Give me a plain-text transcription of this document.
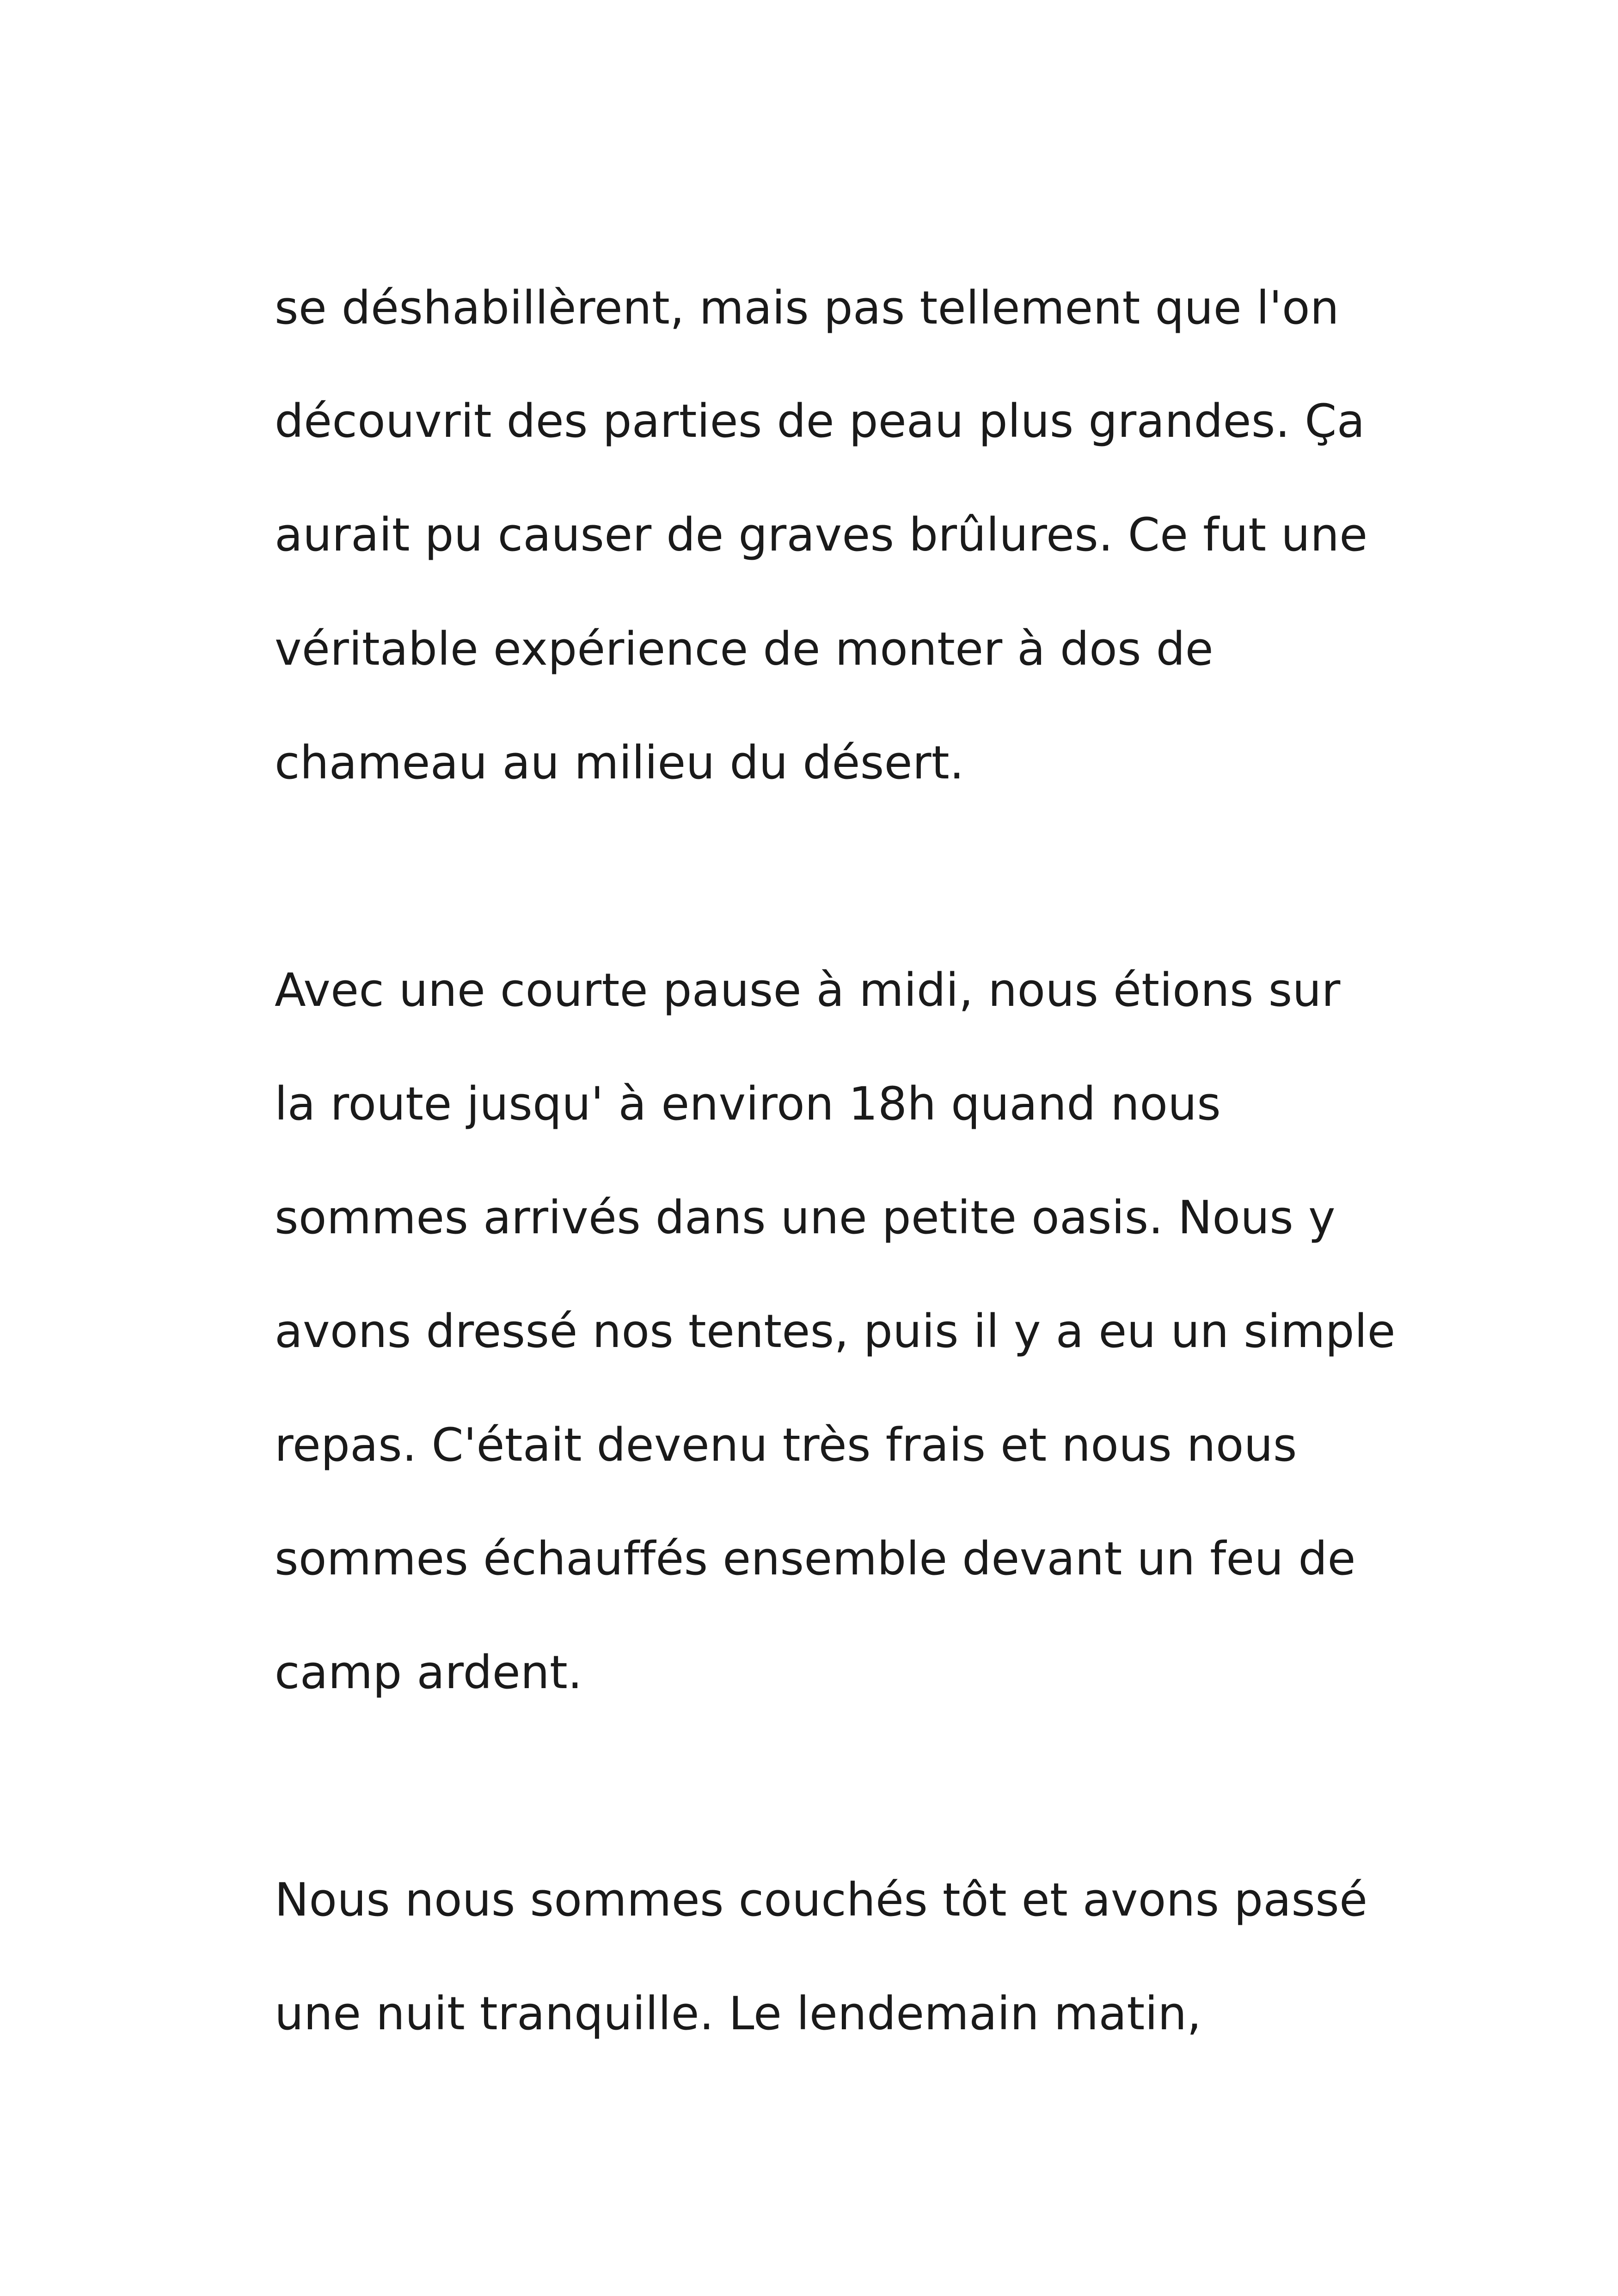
se déshabillèrent, mais pas tellement que l'on
découvrit des parties de peau plus grandes. Ça
aurait pu causer de graves brûlures. Ce fut une
véritable expérience de monter à dos de
chameau au milieu du désert.
Avec une courte pause à midi, nous étions sur
la route jusqu' à environ 18h quand nous
sommes arrivés dans une petite oasis. Nous y
avons dressé nos tentes, puis il y a eu un simple
repas. C'était devenu très frais et nous nous
sommes échauffés ensemble devant un feu de
camp ardent.
Nous nous sommes couchés tôt et avons passé
une nuit tranquille. Le lendemain matin,
